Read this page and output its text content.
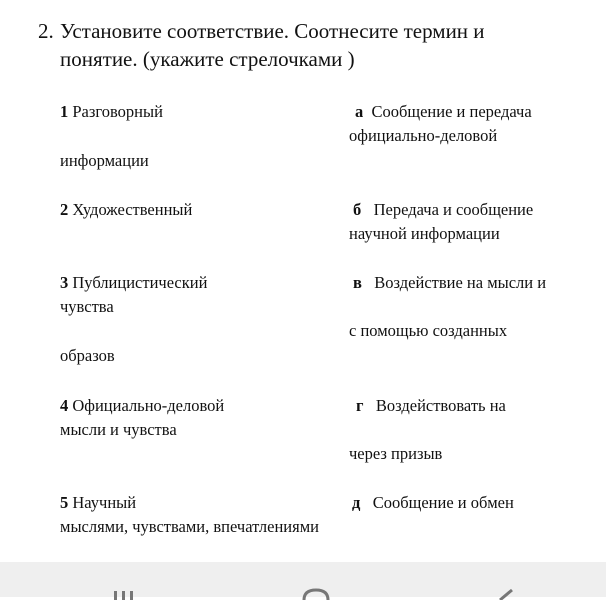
2. Установите соответствие. Соотнесите термин и
понятие. (укажите стрелочками )
1 Разговорный
информации
2 Художественный
3 Публицистический
чувства
образов
4 Официально-деловой
мысли и чувства
5 Научный
мыслями, чувствами, впечатлениями
а Сообщение и передача
официально-деловой
б Передача и сообщение
научной информации
в Воздействие на мысли и
с помощью созданных
г Воздействовать на
через призыв
д Сообщение и обмен
